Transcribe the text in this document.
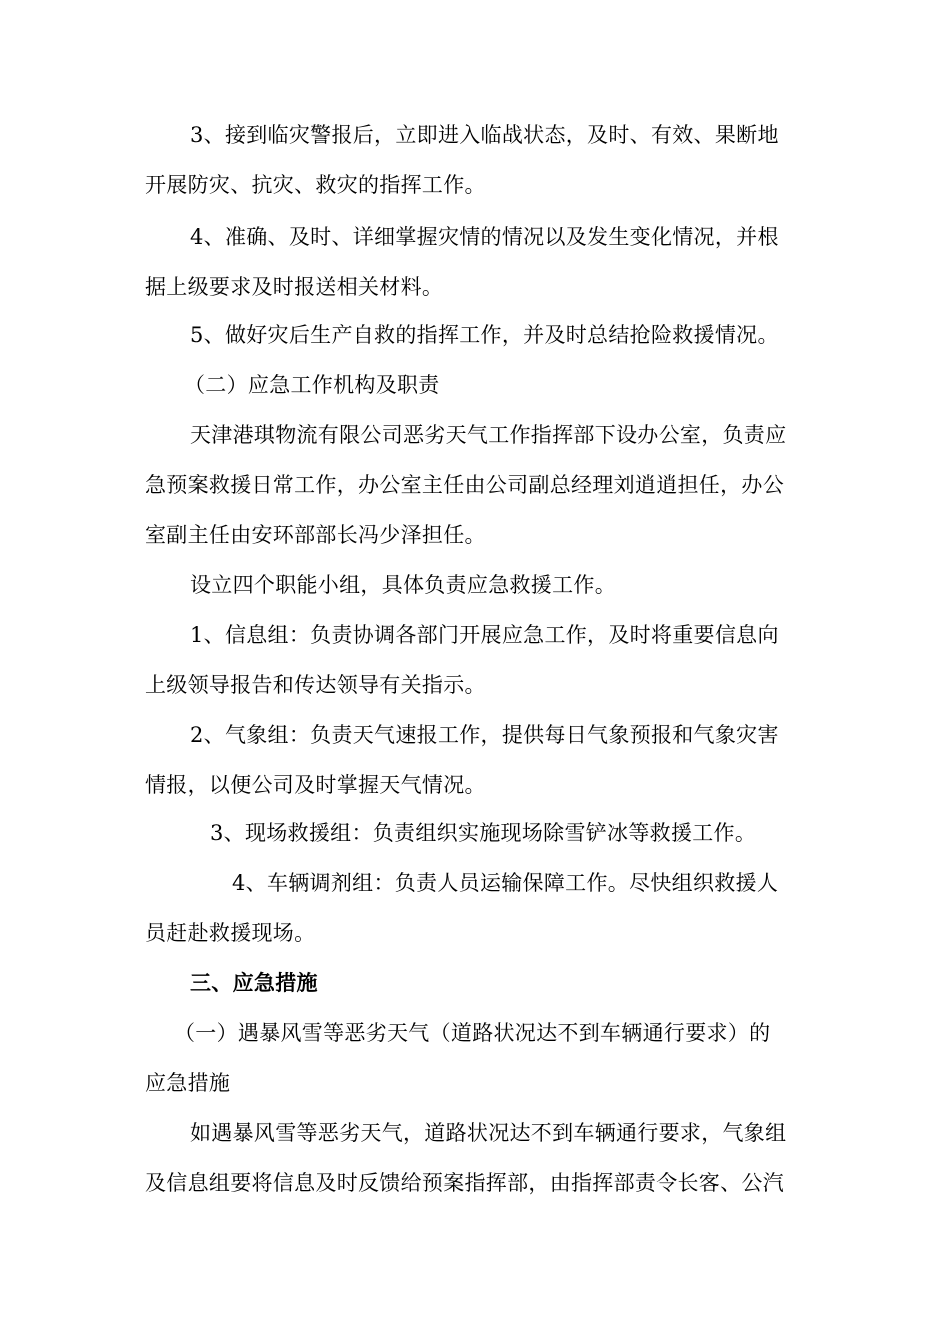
3、接到临灾警报后，立即进入临战状态，及时、有效、果断地
开展防灾、抗灾、救灾的指挥工作。
4、准确、及时、详细掌握灾情的情况以及发生变化情况，并根
据上级要求及时报送相关材料。
5、做好灾后生产自救的指挥工作，并及时总结抢险救援情况。
（二）应急工作机构及职责
天津港琪物流有限公司恶劣天气工作指挥部下设办公室，负责应
急预案救援日常工作，办公室主任由公司副总经理刘逍逍担任，办公
室副主任由安环部部长冯少泽担任。
设立四个职能小组，具体负责应急救援工作。
1、信息组：负责协调各部门开展应急工作，及时将重要信息向
上级领导报告和传达领导有关指示。
2、气象组：负责天气速报工作，提供每日气象预报和气象灾害
情报，以便公司及时掌握天气情况。
3、现场救援组：负责组织实施现场除雪铲冰等救援工作。
4、车辆调剂组：负责人员运输保障工作。尽快组织救援人
员赶赴救援现场。
三、应急措施
（一）遇暴风雪等恶劣天气（道路状况达不到车辆通行要求）的
应急措施
如遇暴风雪等恶劣天气，道路状况达不到车辆通行要求，气象组
及信息组要将信息及时反馈给预案指挥部，由指挥部责令长客、公汽
